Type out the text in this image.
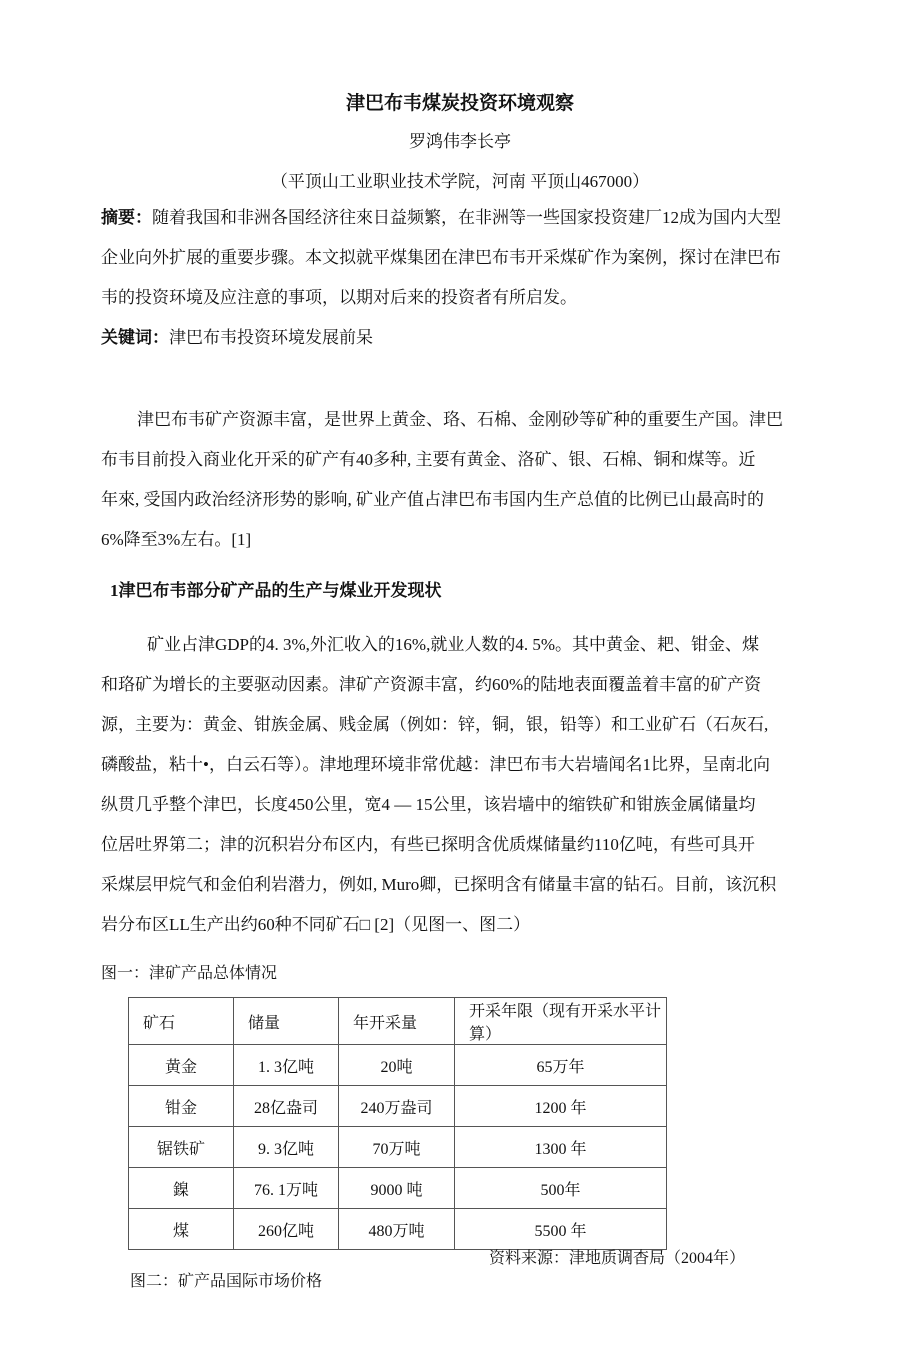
津巴布韦煤炭投资环境观察
罗鸿伟李长亭
（平顶山工业职业技术学院，河南 平顶山467000）
摘要：随着我国和非洲各国经济往來日益频繁，在非洲等一些国家投资建厂12成为国内大型
企业向外扩展的重要步骤。本文拟就平煤集团在津巴布韦开采煤矿作为案例，探讨在津巴布
韦的投资环境及应注意的事项，以期对后来的投资者有所启发。
关键词：津巴布韦投资环境发展前呆
津巴布韦矿产资源丰富，是世界上黄金、珞、石棉、金刚砂等矿种的重要生产国。津巴
布韦目前投入商业化开采的矿产有40多种, 主要有黄金、洛矿、银、石棉、铜和煤等。近
年來, 受国内政治经济形势的影响, 矿业产值占津巴布韦国内生产总值的比例已山最高时的
6%降至3%左右。[1]
1津巴布韦部分矿产品的生产与煤业开发现状
矿业占津GDP的4. 3%,外汇收入的16%,就业人数的4. 5%。其中黄金、耙、钳金、煤
和珞矿为增长的主要驱动因素。津矿产资源丰富，约60%的陆地表面覆盖着丰富的矿产资
源，主要为：黄金、钳族金属、贱金属（例如：锌，铜，银，铅等）和工业矿石（石灰石,
磷酸盐，粘十•，白云石等）。津地理环境非常优越：津巴布韦大岩墙闻名1比界，呈南北向
纵贯几乎整个津巴，长度450公里，宽4 — 15公里，该岩墙中的缩铁矿和钳族金属储量均
位居吐界第二；津的沉积岩分布区内，有些已探明含优质煤储量约110亿吨，有些可具开
采煤层甲烷气和金伯利岩潜力，例如, Muro卿，已探明含有储量丰富的钻石。目前，该沉积
岩分布区LL生产出约60种不同矿石□ [2]（见图一、图二）
图一：津矿产品总体情况
矿石	储量	年开采量	开采年限（现有开采水平计算）
黄金	1. 3亿吨	20吨	65万年
钳金	28亿盎司	240万盎司	1200 年
锯铁矿	9. 3亿吨	70万吨	1300 年
鎳	76. 1万吨	9000 吨	500年
煤	260亿吨	480万吨	5500 年
资料来源：津地质调杳局（2004年）
图二：矿产品国际市场价格
